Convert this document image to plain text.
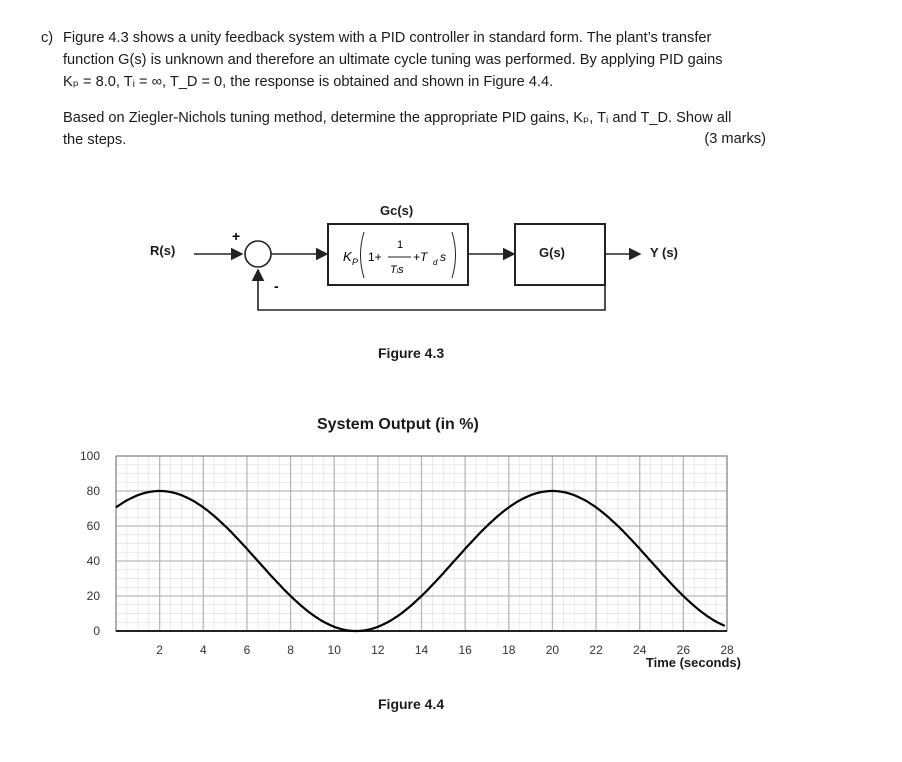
c) Figure 4.3 shows a unity feedback system with a PID controller in standard form. The plant’s transfer
function G(s) is unknown and therefore an ultimate cycle tuning was performed. By applying PID gains
Kₚ = 8.0, Tᵢ = ∞, T_D = 0, the response is obtained and shown in Figure 4.4.
Based on Ziegler-Nichols tuning method, determine the appropriate PID gains, Kₚ, Tᵢ and T_D. Show all
the steps.	(3 marks)
K P 1+
1
Tᵢs
+T d s
+
-
Gc(s)
R(s)	G(s)	Y (s)
Figure 4.3
System Output (in %)
0
20
40
60
80
100
2	4	6	8	10	12	14	16	18	20	22	24	26	28
Time (seconds)
Figure 4.4
